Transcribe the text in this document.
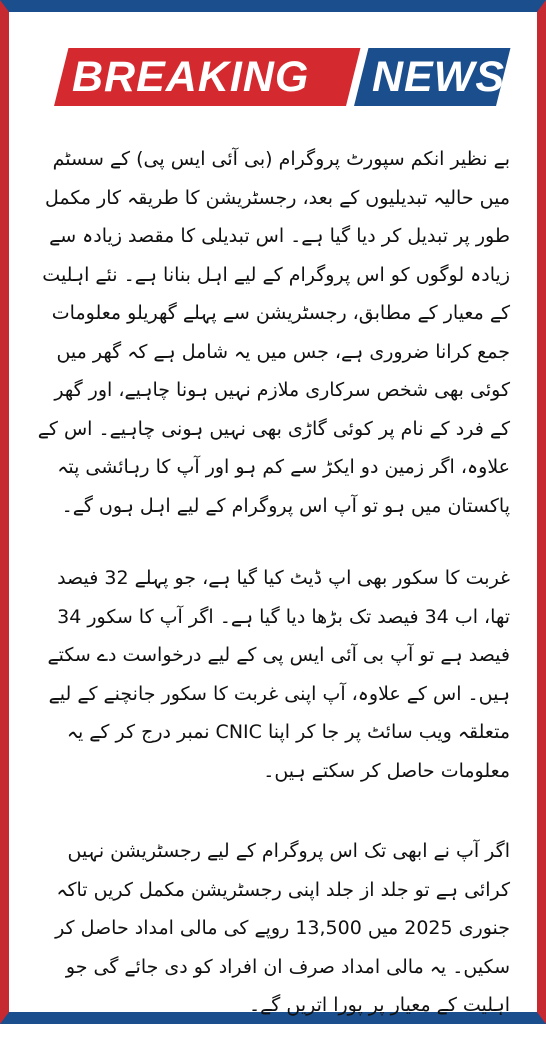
BREAKING NEWS

بے نظیر انکم سپورٹ پروگرام (بی آئی ایس پی) کے سسٹم میں حالیہ تبدیلیوں کے بعد، رجسٹریشن کا طریقہ کار مکمل طور پر تبدیل کر دیا گیا ہے۔ اس تبدیلی کا مقصد زیادہ سے زیادہ لوگوں کو اس پروگرام کے لیے اہل بنانا ہے۔ نئے اہلیت کے معیار کے مطابق، رجسٹریشن سے پہلے گھریلو معلومات جمع کرانا ضروری ہے، جس میں یہ شامل ہے کہ گھر میں کوئی بھی شخص سرکاری ملازم نہیں ہونا چاہیے، اور گھر کے فرد کے نام پر کوئی گاڑی بھی نہیں ہونی چاہیے۔ اس کے علاوہ، اگر زمین دو ایکڑ سے کم ہو اور آپ کا رہائشی پتہ پاکستان میں ہو تو آپ اس پروگرام کے لیے اہل ہوں گے۔

غربت کا سکور بھی اپ ڈیٹ کیا گیا ہے، جو پہلے 32 فیصد تھا، اب 34 فیصد تک بڑھا دیا گیا ہے۔ اگر آپ کا سکور 34 فیصد ہے تو آپ بی آئی ایس پی کے لیے درخواست دے سکتے ہیں۔ اس کے علاوہ، آپ اپنی غربت کا سکور جانچنے کے لیے متعلقہ ویب سائٹ پر جا کر اپنا CNIC نمبر درج کر کے یہ معلومات حاصل کر سکتے ہیں۔

اگر آپ نے ابھی تک اس پروگرام کے لیے رجسٹریشن نہیں کرائی ہے تو جلد از جلد اپنی رجسٹریشن مکمل کریں تاکہ جنوری 2025 میں 13,500 روپے کی مالی امداد حاصل کر سکیں۔ یہ مالی امداد صرف ان افراد کو دی جائے گی جو اہلیت کے معیار پر پورا اتریں گے۔
